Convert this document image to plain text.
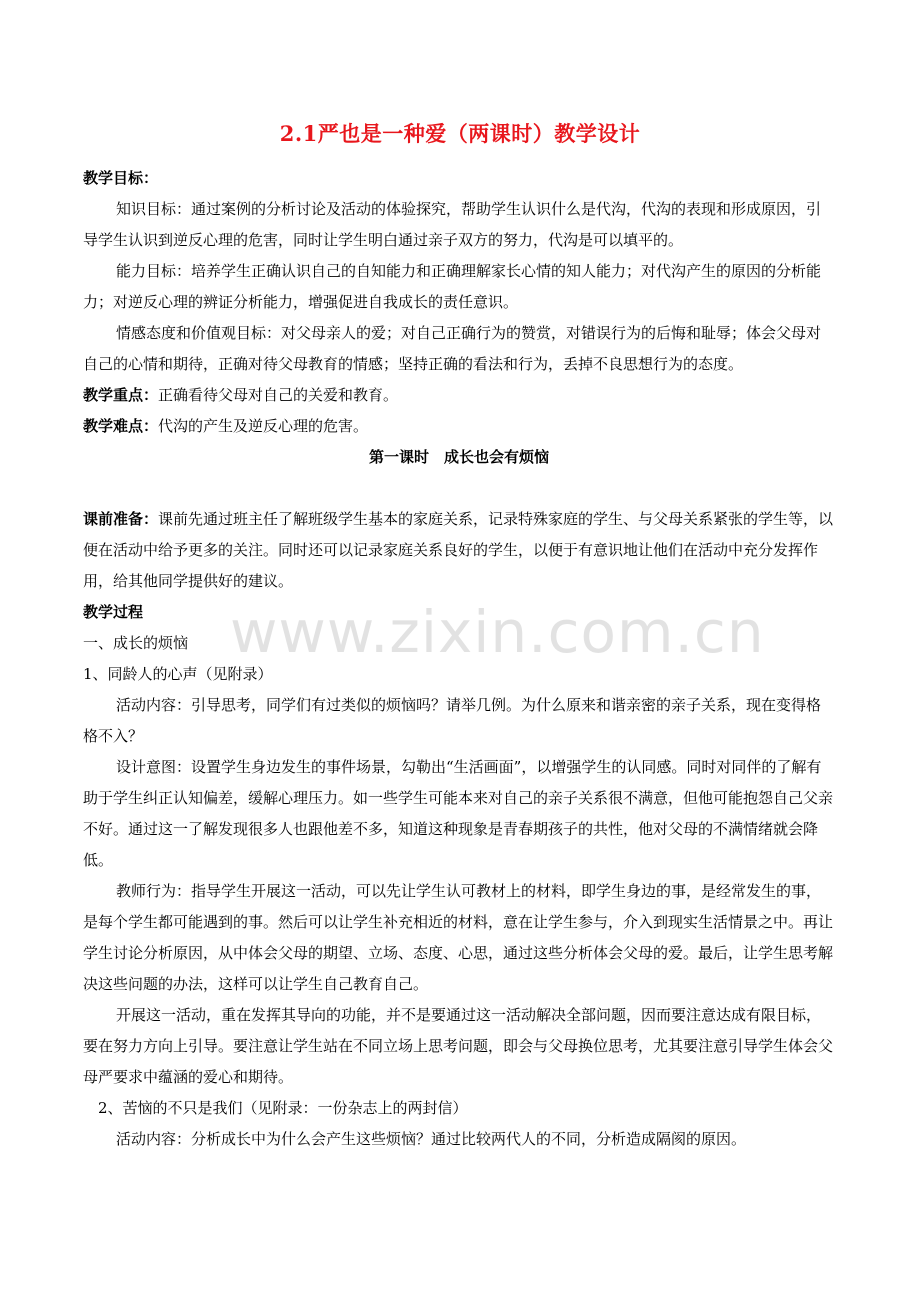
2.1严也是一种爱（两课时）教学设计

教学目标：

知识目标：通过案例的分析讨论及活动的体验探究，帮助学生认识什么是代沟，代沟的表现和形成原因，引导学生认识到逆反心理的危害，同时让学生明白通过亲子双方的努力，代沟是可以填平的。

能力目标：培养学生正确认识自己的自知能力和正确理解家长心情的知人能力；对代沟产生的原因的分析能力；对逆反心理的辨证分析能力，增强促进自我成长的责任意识。

情感态度和价值观目标：对父母亲人的爱；对自己正确行为的赞赏，对错误行为的后悔和耻辱；体会父母对自己的心情和期待，正确对待父母教育的情感；坚持正确的看法和行为，丢掉不良思想行为的态度。

教学重点：正确看待父母对自己的关爱和教育。

教学难点：代沟的产生及逆反心理的危害。

第一课时　成长也会有烦恼

课前准备：课前先通过班主任了解班级学生基本的家庭关系，记录特殊家庭的学生、与父母关系紧张的学生等，以便在活动中给予更多的关注。同时还可以记录家庭关系良好的学生，以便于有意识地让他们在活动中充分发挥作用，给其他同学提供好的建议。

教学过程

一、成长的烦恼

1、同龄人的心声（见附录）

活动内容：引导思考，同学们有过类似的烦恼吗？请举几例。为什么原来和谐亲密的亲子关系，现在变得格格不入？

设计意图：设置学生身边发生的事件场景，勾勒出“生活画面”，以增强学生的认同感。同时对同伴的了解有助于学生纠正认知偏差，缓解心理压力。如一些学生可能本来对自己的亲子关系很不满意，但他可能抱怨自己父亲不好。通过这一了解发现很多人也跟他差不多，知道这种现象是青春期孩子的共性，他对父母的不满情绪就会降低。

教师行为：指导学生开展这一活动，可以先让学生认可教材上的材料，即学生身边的事，是经常发生的事，是每个学生都可能遇到的事。然后可以让学生补充相近的材料，意在让学生参与，介入到现实生活情景之中。再让学生讨论分析原因，从中体会父母的期望、立场、态度、心思，通过这些分析体会父母的爱。最后，让学生思考解决这些问题的办法，这样可以让学生自己教育自己。

开展这一活动，重在发挥其导向的功能，并不是要通过这一活动解决全部问题，因而要注意达成有限目标，要在努力方向上引导。要注意让学生站在不同立场上思考问题，即会与父母换位思考，尤其要注意引导学生体会父母严要求中蕴涵的爱心和期待。

2、苦恼的不只是我们（见附录：一份杂志上的两封信）

活动内容：分析成长中为什么会产生这些烦恼？通过比较两代人的不同，分析造成隔阂的原因。

www.zixin.com.cn
